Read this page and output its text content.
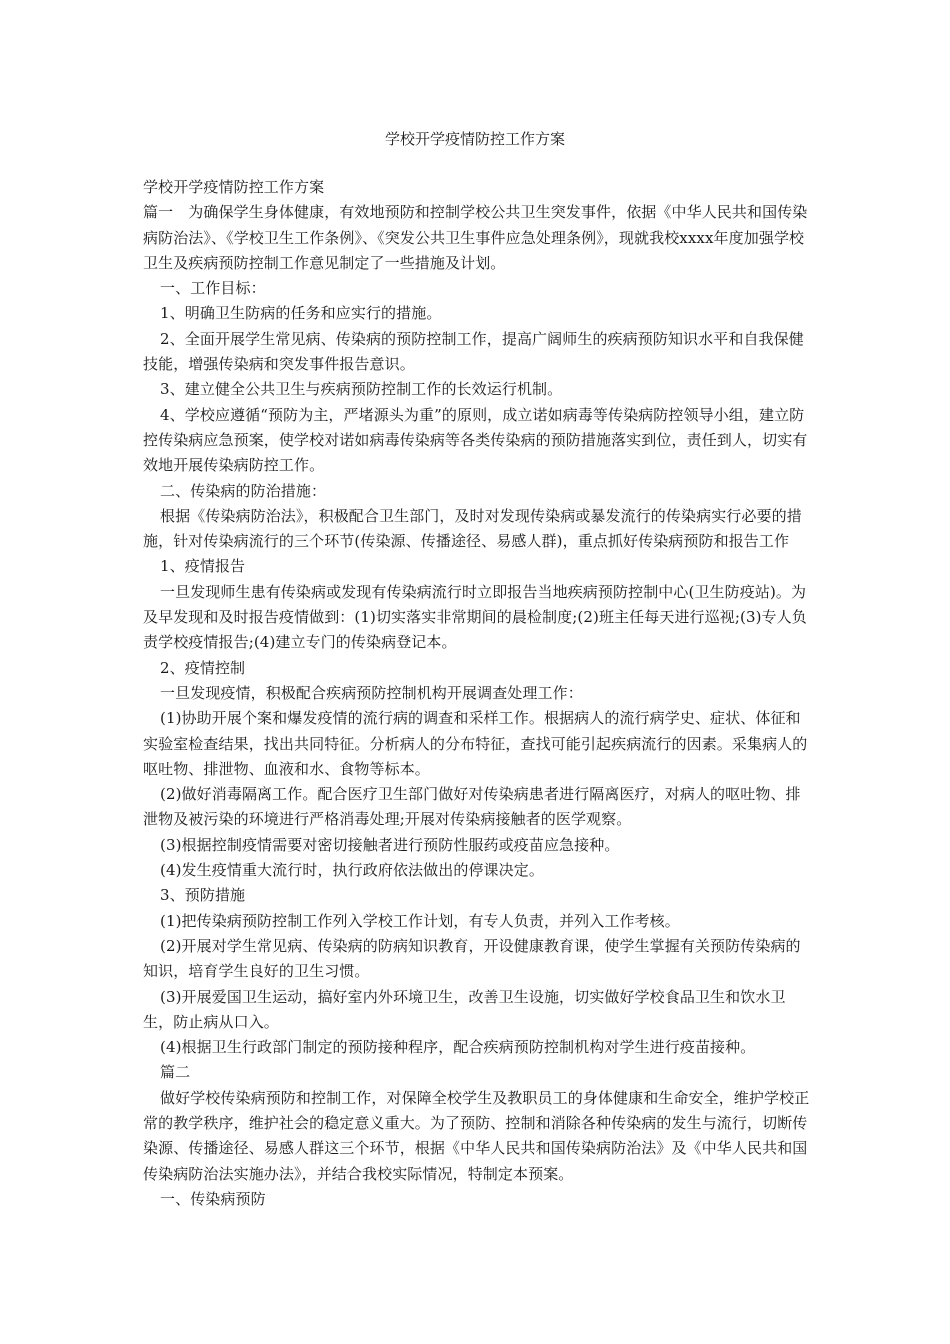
学校开学疫情防控工作方案

学校开学疫情防控工作方案

篇一　为确保学生身体健康，有效地预防和控制学校公共卫生突发事件，依据《中华人民共和国传染病防治法》、《学校卫生工作条例》、《突发公共卫生事件应急处理条例》，现就我校xxxx年度加强学校卫生及疾病预防控制工作意见制定了一些措施及计划。

一、工作目标：

1、明确卫生防病的任务和应实行的措施。

2、全面开展学生常见病、传染病的预防控制工作，提高广阔师生的疾病预防知识水平和自我保健技能，增强传染病和突发事件报告意识。

3、建立健全公共卫生与疾病预防控制工作的长效运行机制。

4、学校应遵循“预防为主，严堵源头为重”的原则，成立诺如病毒等传染病防控领导小组，建立防控传染病应急预案，使学校对诺如病毒传染病等各类传染病的预防措施落实到位，责任到人，切实有效地开展传染病防控工作。

二、传染病的防治措施：

根据《传染病防治法》，积极配合卫生部门，及时对发现传染病或暴发流行的传染病实行必要的措施，针对传染病流行的三个环节(传染源、传播途径、易感人群)，重点抓好传染病预防和报告工作

1、疫情报告

一旦发现师生患有传染病或发现有传染病流行时立即报告当地疾病预防控制中心(卫生防疫站)。为及早发现和及时报告疫情做到：(1)切实落实非常期间的晨检制度;(2)班主任每天进行巡视;(3)专人负责学校疫情报告;(4)建立专门的传染病登记本。

2、疫情控制

一旦发现疫情，积极配合疾病预防控制机构开展调查处理工作：

(1)协助开展个案和爆发疫情的流行病的调查和采样工作。根据病人的流行病学史、症状、体征和实验室检查结果，找出共同特征。分析病人的分布特征，查找可能引起疾病流行的因素。采集病人的呕吐物、排泄物、血液和水、食物等标本。

(2)做好消毒隔离工作。配合医疗卫生部门做好对传染病患者进行隔离医疗，对病人的呕吐物、排泄物及被污染的环境进行严格消毒处理;开展对传染病接触者的医学观察。

(3)根据控制疫情需要对密切接触者进行预防性服药或疫苗应急接种。

(4)发生疫情重大流行时，执行政府依法做出的停课决定。

3、预防措施

(1)把传染病预防控制工作列入学校工作计划，有专人负责，并列入工作考核。

(2)开展对学生常见病、传染病的防病知识教育，开设健康教育课，使学生掌握有关预防传染病的知识，培育学生良好的卫生习惯。

(3)开展爱国卫生运动，搞好室内外环境卫生，改善卫生设施，切实做好学校食品卫生和饮水卫生，防止病从口入。

(4)根据卫生行政部门制定的预防接种程序，配合疾病预防控制机构对学生进行疫苗接种。

篇二

做好学校传染病预防和控制工作，对保障全校学生及教职员工的身体健康和生命安全，维护学校正常的教学秩序，维护社会的稳定意义重大。为了预防、控制和消除各种传染病的发生与流行，切断传染源、传播途径、易感人群这三个环节，根据《中华人民共和国传染病防治法》及《中华人民共和国传染病防治法实施办法》，并结合我校实际情况，特制定本预案。

一、传染病预防
